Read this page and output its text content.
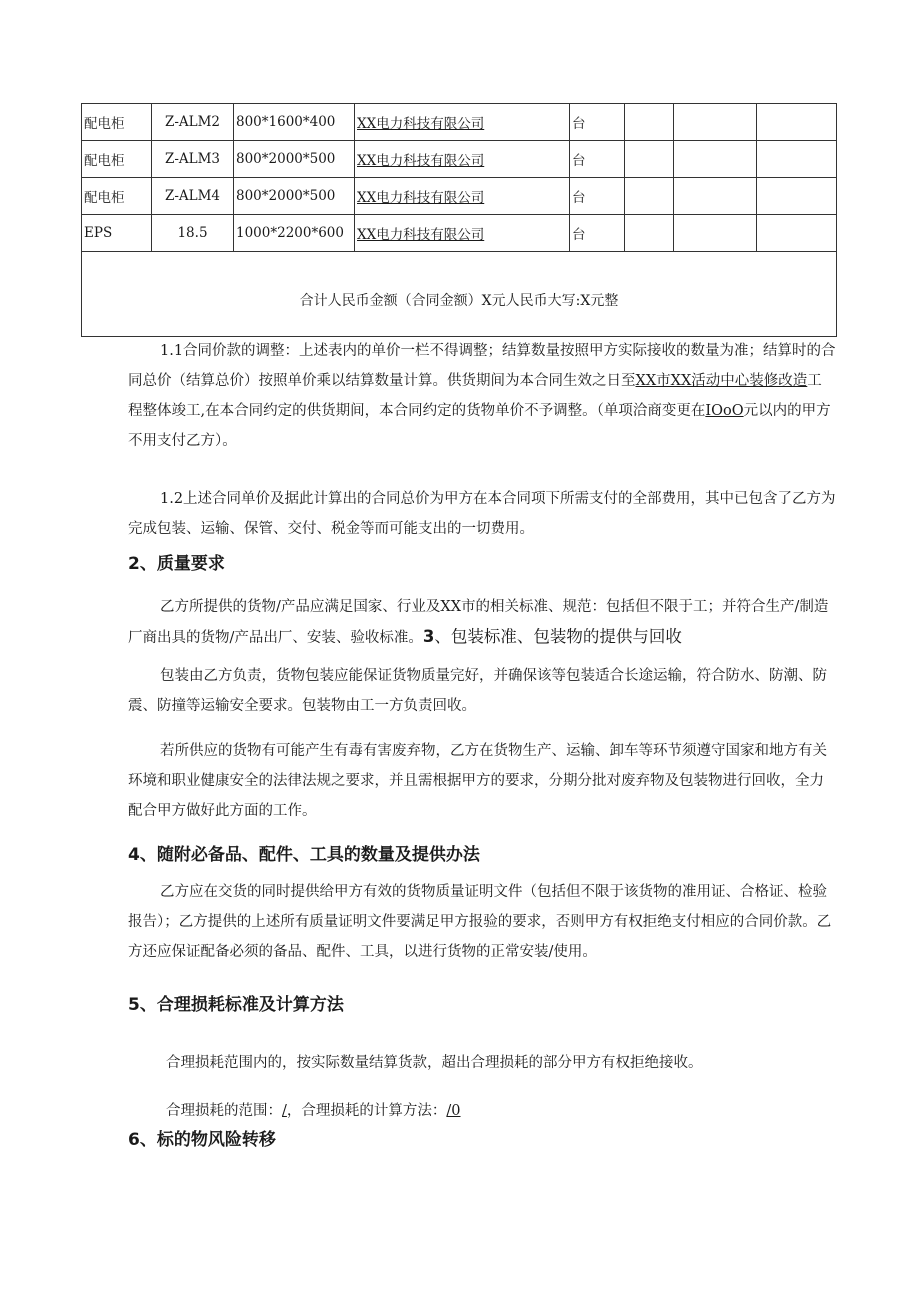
配电柜	Z-ALM2	800*1600*400	XX电力科技有限公司	台			
配电柜	Z-ALM3	800*2000*500	XX电力科技有限公司	台			
配电柜	Z-ALM4	800*2000*500	XX电力科技有限公司	台			
EPS	18.5	1000*2200*600	XX电力科技有限公司	台			
合计人民币金额（合同金额）X元人民币大写:X元整							

1.1合同价款的调整：上述表内的单价一栏不得调整；结算数量按照甲方实际接收的数量为准；结算时的合同总价（结算总价）按照单价乘以结算数量计算。供货期间为本合同生效之日至XX市XX活动中心装修改造工程整体竣工,在本合同约定的供货期间，本合同约定的货物单价不予调整。（单项洽商变更在IOoO元以内的甲方不用支付乙方）。

1.2上述合同单价及据此计算出的合同总价为甲方在本合同项下所需支付的全部费用，其中已包含了乙方为完成包装、运输、保管、交付、税金等而可能支出的一切费用。

2、质量要求

乙方所提供的货物/产品应满足国家、行业及XX市的相关标准、规范：包括但不限于工；并符合生产/制造厂商出具的货物/产品出厂、安装、验收标准。3、包装标准、包装物的提供与回收

包装由乙方负责，货物包装应能保证货物质量完好，并确保该等包装适合长途运输，符合防水、防潮、防震、防撞等运输安全要求。包装物由工一方负责回收。

若所供应的货物有可能产生有毒有害废弃物，乙方在货物生产、运输、卸车等环节须遵守国家和地方有关环境和职业健康安全的法律法规之要求，并且需根据甲方的要求，分期分批对废弃物及包装物进行回收，全力配合甲方做好此方面的工作。

4、随附必备品、配件、工具的数量及提供办法

乙方应在交货的同时提供给甲方有效的货物质量证明文件（包括但不限于该货物的准用证、合格证、检验报告）；乙方提供的上述所有质量证明文件要满足甲方报验的要求，否则甲方有权拒绝支付相应的合同价款。乙方还应保证配备必须的备品、配件、工具，以进行货物的正常安装/使用。

5、合理损耗标准及计算方法

合理损耗范围内的，按实际数量结算货款，超出合理损耗的部分甲方有权拒绝接收。

合理损耗的范围：/，合理损耗的计算方法：/0

6、标的物风险转移
